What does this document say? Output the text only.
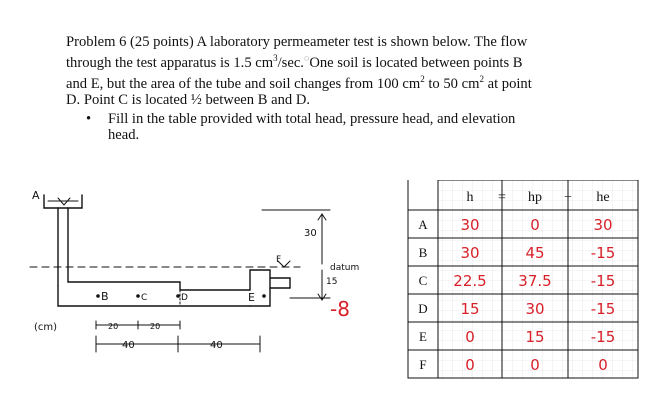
Problem 6 (25 points) A laboratory permeameter test is shown below. The flow

through the test apparatus is 1.5 $cm^3/\sec.^◌One$ soil is located between points B

and E, but the area of the tube and soil changes from 100 $cm^2$ to 50 $cm^2$ at point

D. Point C is located ½ between B and D.

• Fill in the table provided with total head, pressure head, and elevation
head.
A
B	C	D	E
F
(cm)
30
15
datum
20	20
40	40
-8
h	hp	he
=	+
A 30	0	30
B 30	45	-15
C 22.5 37.5	-15
D 15	30	-15
E	0	15	-15
F	0	0	0
